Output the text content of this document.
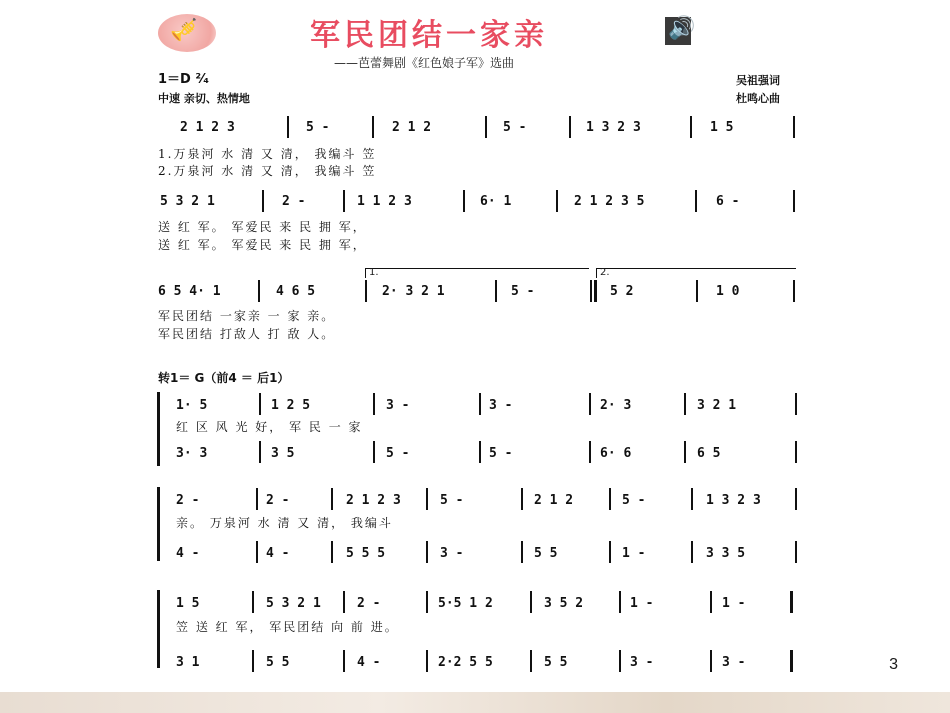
🎺	军民团结一家亲	🔊
——芭蕾舞剧《红色娘子军》选曲
1＝D ²⁄₄
中速 亲切、热情地
吴祖强词
杜鸣心曲
2 1 2 3	5 -	2 1 2	5 -	1 3 2 3	1 5
1.万泉河 水 清 又 清， 我编斗 笠
2.万泉河 水 清 又 清， 我编斗 笠
5 3 2 1	2 -	1 1 2 3	6· 1	2 1 2 3 5	6 -
送 红 军。 军爱民 来 民 拥 军，
送 红 军。 军爱民 来 民 拥 军，
1.	2.
6 5 4· 1	4 6 5	2· 3 2 1	5 -	5 2	1 0
军民团结 一家亲 一 家 亲。
军民团结 打敌人 打 敌 人。
转1＝ G（前4 ＝ 后1）
1· 5	1 2 5	3 -	3 -	2· 3	3 2 1
红 区 风 光 好， 军 民 一 家
3· 3	3 5	5 -	5 -	6· 6	6 5
2 -	2 -	2 1 2 3	5 -	2 1 2	5 -	1 3 2 3
亲。 万泉河 水 清 又 清， 我编斗
4 -	4 -	5 5 5	3 -	5 5	1 -	3 3 5
1 5	5 3 2 1	2 -	5·5 1 2	3 5 2	1 -	1 -
笠 送 红 军， 军民团结 向 前 进。
3 1	5 5	4 -	2·2 5 5	5 5	3 -	3 -	3
